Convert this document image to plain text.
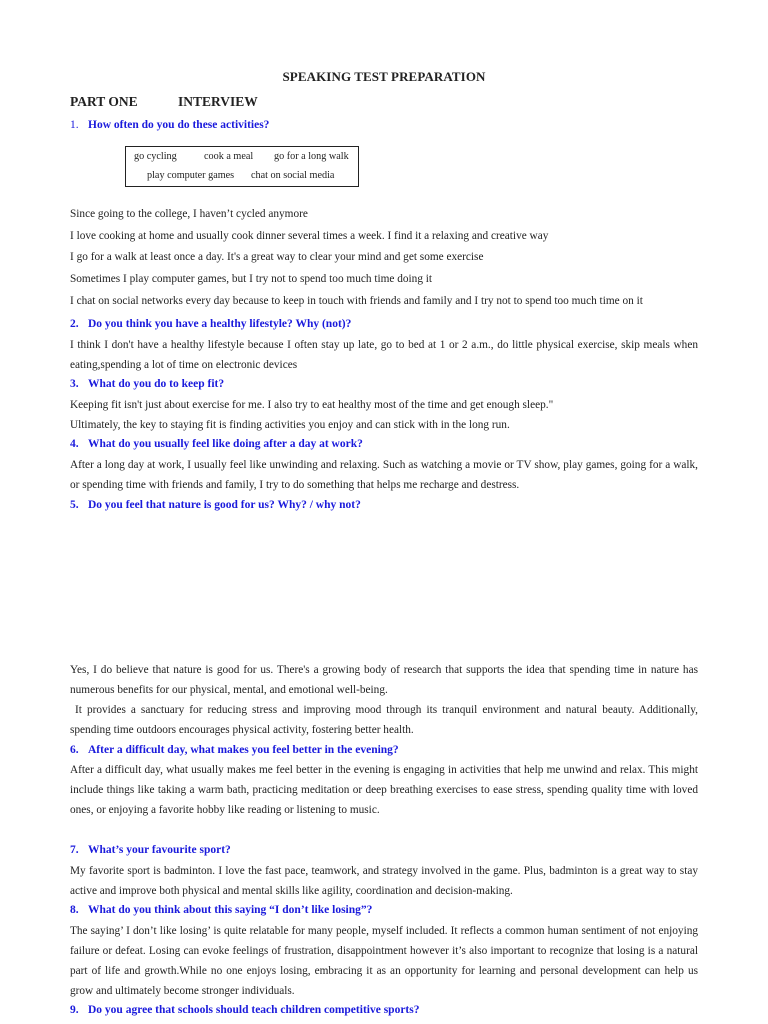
SPEAKING TEST PREPARATION
PART ONE	INTERVIEW
1. How often do you do these activities?
go cycling	cook a meal go for a long walk
play computer games chat on social media
Since going to the college, I haven’t cycled anymore
I love cooking at home and usually cook dinner several times a week. I find it a relaxing and creative way
I go for a walk at least once a day. It's a great way to clear your mind and get some exercise
Sometimes I play computer games, but I try not to spend too much time doing it
I chat on social networks every day because to keep in touch with friends and family and I try not to spend too much time on it
2. Do you think you have a healthy lifestyle? Why (not)?
I think I don't have a healthy lifestyle because I often stay up late, go to bed at 1 or 2 a.m., do little physical exercise, skip meals when eating,spending a lot of time on electronic devices
3. What do you do to keep fit?
Keeping fit isn't just about exercise for me. I also try to eat healthy most of the time and get enough sleep."
Ultimately, the key to staying fit is finding activities you enjoy and can stick with in the long run.
4. What do you usually feel like doing after a day at work?
After a long day at work, I usually feel like unwinding and relaxing. Such as watching a movie or TV show, play games, going for a walk, or spending time with friends and family, I try to do something that helps me recharge and destress.
5. Do you feel that nature is good for us? Why? / why not?
Yes, I do believe that nature is good for us. There's a growing body of research that supports the idea that spending time in nature has numerous benefits for our physical, mental, and emotional well-being.
It provides a sanctuary for reducing stress and improving mood through its tranquil environment and natural beauty. Additionally, spending time outdoors encourages physical activity, fostering better health.
6. After a difficult day, what makes you feel better in the evening?
After a difficult day, what usually makes me feel better in the evening is engaging in activities that help me unwind and relax. This might include things like taking a warm bath, practicing meditation or deep breathing exercises to ease stress, spending quality time with loved ones, or enjoying a favorite hobby like reading or listening to music.
7. What’s your favourite sport?
My favorite sport is badminton. I love the fast pace, teamwork, and strategy involved in the game. Plus, badminton is a great way to stay active and improve both physical and mental skills like agility, coordination and decision-making.
8. What do you think about this saying “I don’t like losing”?
The saying’ I don’t like losing’ is quite relatable for many people, myself included. It reflects a common human sentiment of not enjoying failure or defeat. Losing can evoke feelings of frustration, disappointment however it’s also important to recognize that losing is a natural part of life and growth.While no one enjoys losing, embracing it as an opportunity for learning and personal development can help us grow and ultimately become stronger individuals.
9. Do you agree that schools should teach children competitive sports?
